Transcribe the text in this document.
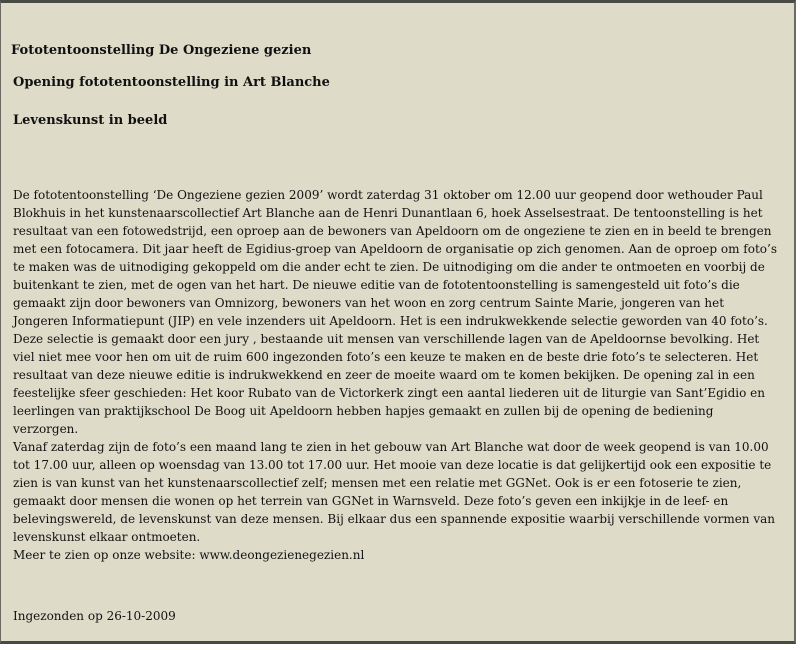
Fototentoonstelling De Ongeziene gezien
Opening fototentoonstelling in Art Blanche
Levenskunst in beeld

De fototentoonstelling ‘De Ongeziene gezien 2009’ wordt zaterdag 31 oktober om 12.00 uur geopend door wethouder Paul Blokhuis in het kunstenaarscollectief Art Blanche aan de Henri Dunantlaan 6, hoek Asselsestraat. De tentoonstelling is het resultaat van een fotowedstrijd, een oproep aan de bewoners van Apeldoorn om de ongeziene te zien en in beeld te brengen met een fotocamera. Dit jaar heeft de Egidius-groep van Apeldoorn de organisatie op zich genomen. Aan de oproep om foto’s te maken was de uitnodiging gekoppeld om die ander echt te zien. De uitnodiging om die ander te ontmoeten en voorbij de buitenkant te zien, met de ogen van het hart. De nieuwe editie van de fototentoonstelling is samengesteld uit foto’s die gemaakt zijn door bewoners van Omnizorg, bewoners van het woon en zorg centrum Sainte Marie, jongeren van het Jongeren Informatiepunt (JIP) en vele inzenders uit Apeldoorn. Het is een indrukwekkende selectie geworden van 40 foto’s. Deze selectie is gemaakt door een jury , bestaande uit mensen van verschillende lagen van de Apeldoornse bevolking. Het viel niet mee voor hen om uit de ruim 600 ingezonden foto’s een keuze te maken en de beste drie foto’s te selecteren. Het resultaat van deze nieuwe editie is indrukwekkend en zeer de moeite waard om te komen bekijken. De opening zal in een feestelijke sfeer geschieden: Het koor Rubato van de Victorkerk zingt een aantal liederen uit de liturgie van Sant’Egidio en leerlingen van praktijkschool De Boog uit Apeldoorn hebben hapjes gemaakt en zullen bij de opening de bediening verzorgen.

Vanaf zaterdag zijn de foto’s een maand lang te zien in het gebouw van Art Blanche wat door de week geopend is van 10.00 tot 17.00 uur, alleen op woensdag van 13.00 tot 17.00 uur. Het mooie van deze locatie is dat gelijkertijd ook een expositie te zien is van kunst van het kunstenaarscollectief zelf; mensen met een relatie met GGNet. Ook is er een fotoserie te zien, gemaakt door mensen die wonen op het terrein van GGNet in Warnsveld. Deze foto’s geven een inkijkje in de leef- en belevingswereld, de levenskunst van deze mensen. Bij elkaar dus een spannende expositie waarbij verschillende vormen van levenskunst elkaar ontmoeten.

Meer te zien op onze website: www.deongezienegezien.nl

Ingezonden op 26-10-2009
